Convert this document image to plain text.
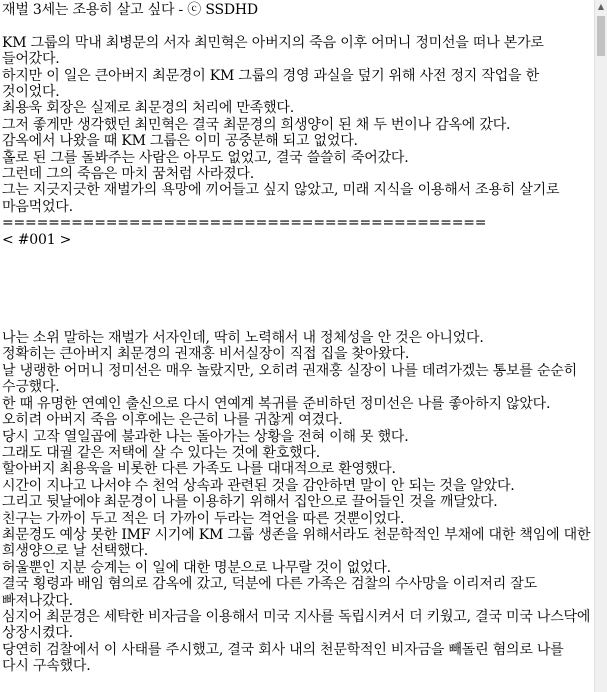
재벌 3세는 조용히 살고 싶다 - ⓒ SSDHD

KM 그룹의 막내 최병문의 서자 최민혁은 아버지의 죽음 이후 어머니 정미선을 떠나 본가로 들어갔다.

하지만 이 일은 큰아버지 최문경이 KM 그룹의 경영 과실을 덮기 위해 사전 정지 작업을 한 것이었다.

최용욱 회장은 실제로 최문경의 처리에 만족했다.

그저 좋게만 생각했던 최민혁은 결국 최문경의 희생양이 된 채 두 번이나 감옥에 갔다.

감옥에서 나왔을 때 KM 그룹은 이미 공중분해 되고 없었다.

홀로 된 그를 돌봐주는 사람은 아무도 없었고, 결국 쓸쓸히 죽어갔다.

그런데 그의 죽음은 마치 꿈처럼 사라졌다.

그는 지긋지긋한 재벌가의 욕망에 끼어들고 싶지 않았고, 미래 지식을 이용해서 조용히 살기로 마음먹었다.

==========================================

< #001 >

나는 소위 말하는 재벌가 서자인데, 딱히 노력해서 내 정체성을 안 것은 아니었다.

정확히는 큰아버지 최문경의 권재홍 비서실장이 직접 집을 찾아왔다.

날 냉랭한 어머니 정미선은 매우 놀랐지만, 오히려 권재홍 실장이 나를 데려가겠는 통보를 순순히 수긍했다.

한 때 유명한 연예인 출신으로 다시 연예계 복귀를 준비하던 정미선은 나를 좋아하지 않았다. 오히려 아버지 죽음 이후에는 은근히 나를 귀찮게 여겼다.

당시 고작 열일곱에 불과한 나는 돌아가는 상황을 전혀 이해 못 했다.

그래도 대궐 같은 저택에 살 수 있다는 것에 환호했다.

할아버지 최용욱을 비롯한 다른 가족도 나를 대대적으로 환영했다.

시간이 지나고 나서야 수 천억 상속과 관련된 것을 감안하면 말이 안 되는 것을 알았다.

그리고 뒷날에야 최문경이 나를 이용하기 위해서 집안으로 끌어들인 것을 깨달았다.

친구는 가까이 두고 적은 더 가까이 두라는 격언을 따른 것뿐이었다.

최문경도 예상 못한 IMF 시기에 KM 그룹 생존을 위해서라도 천문학적인 부채에 대한 책임에 대한 희생양으로 날 선택했다.

허울뿐인 지분 승계는 이 일에 대한 명분으로 나무랄 것이 없었다.

결국 횡령과 배임 혐의로 감옥에 갔고, 덕분에 다른 가족은 검찰의 수사망을 이리저리 잘도 빠져나갔다.

심지어 최문경은 세탁한 비자금을 이용해서 미국 지사를 독립시켜서 더 키웠고, 결국 미국 나스닥에 상장시켰다.

당연히 검찰에서 이 사태를 주시했고, 결국 회사 내의 천문학적인 비자금을 빼돌린 혐의로 나를 다시 구속했다.

▲
